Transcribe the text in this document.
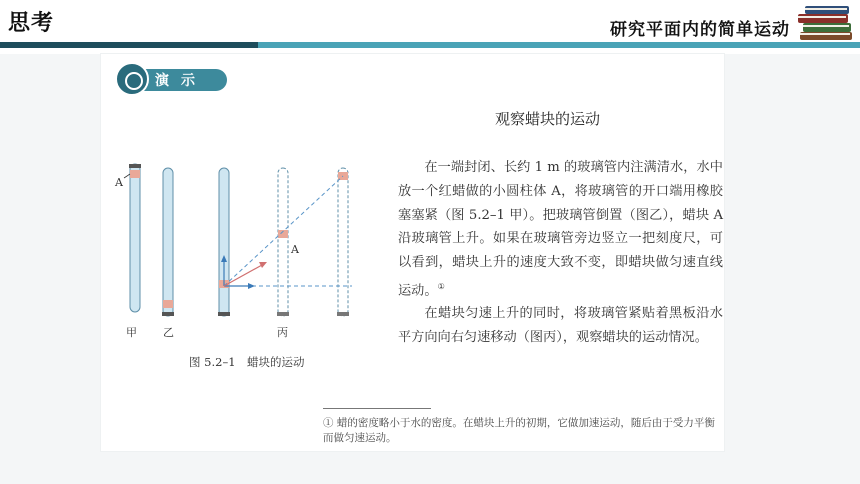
思考	研究平面内的简单运动
演示
观察蜡块的运动

在一端封闭、长约 1 m 的玻璃管内注满清水，水中放一个红蜡做的小圆柱体 A，将玻璃管的开口端用橡胶塞塞紧（图 5.2–1 甲）。把玻璃管倒置（图乙），蜡块 A 沿玻璃管上升。如果在玻璃管旁边竖立一把刻度尺，可以看到，蜡块上升的速度大致不变，即蜡块做匀速直线运动。①

在蜡块匀速上升的同时，将玻璃管紧贴着黑板沿水平方向向右匀速移动（图丙），观察蜡块的运动情况。

① 蜡的密度略小于水的密度。在蜡块上升的初期，它做加速运动，随后由于受力平衡而做匀速运动。

A
A
甲 乙	丙
图 5.2–1　蜡块的运动
